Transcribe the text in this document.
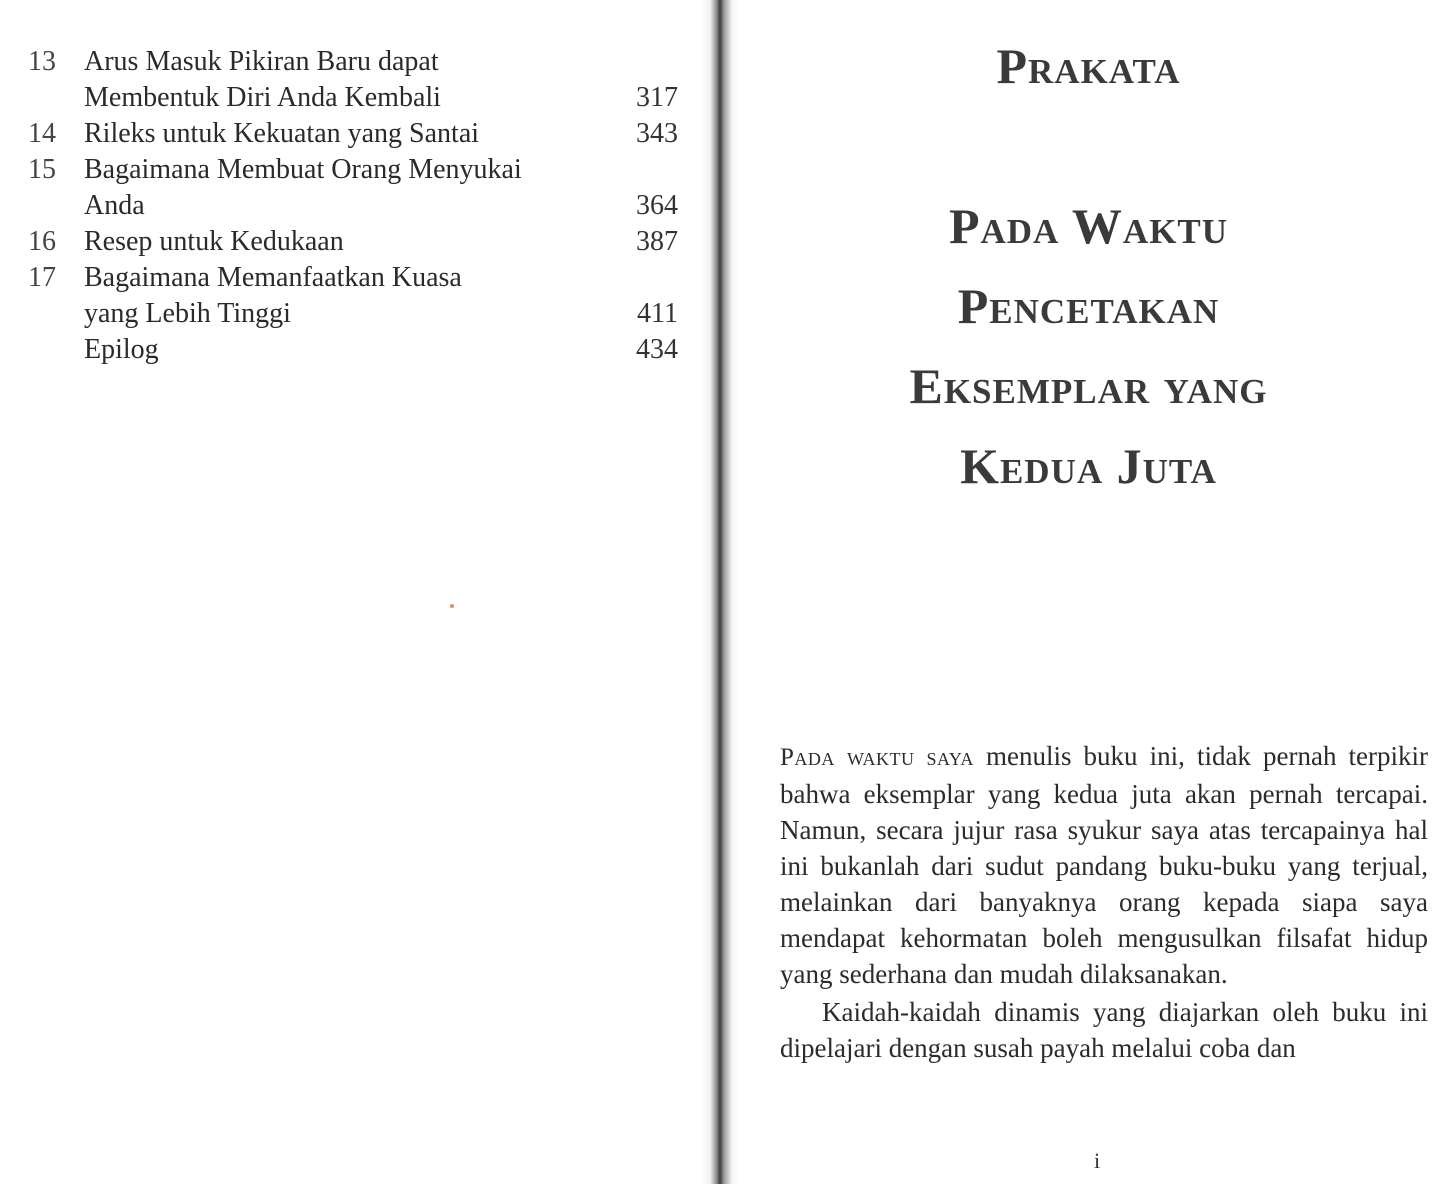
13	Arus Masuk Pikiran Baru dapat
Membentuk Diri Anda Kembali	317
14	Rileks untuk Kekuatan yang Santai	343
15	Bagaimana Membuat Orang Menyukai
Anda	364
16	Resep untuk Kedukaan	387
17	Bagaimana Memanfaatkan Kuasa
yang Lebih Tinggi	411
Epilog	434
Prakata
Pada Waktu
Pencetakan
Eksemplar yang
Kedua Juta

Pada waktu saya menulis buku ini, tidak pernah terpikir bahwa eksemplar yang kedua juta akan pernah tercapai. Namun, secara jujur rasa syukur saya atas tercapainya hal ini bukanlah dari sudut pandang buku-buku yang terjual, melainkan dari banyaknya orang kepada siapa saya mendapat kehormatan boleh mengusulkan filsafat hidup yang sederhana dan mudah dilaksanakan.

Kaidah-kaidah dinamis yang diajarkan oleh buku ini dipelajari dengan susah payah melalui coba dan

i
